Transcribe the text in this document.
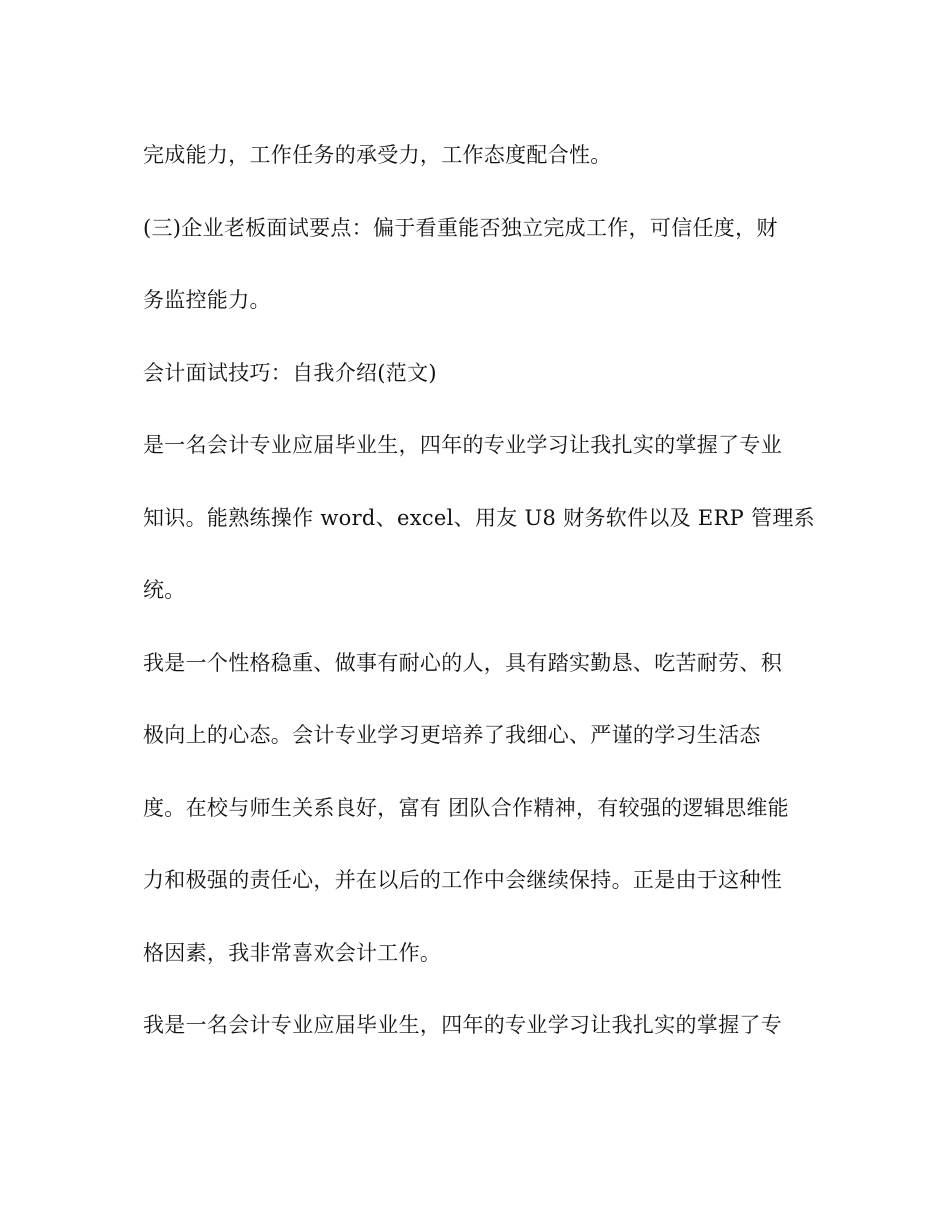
完成能力，工作任务的承受力，工作态度配合性。
(三)企业老板面试要点：偏于看重能否独立完成工作，可信任度，财
务监控能力。
会计面试技巧：自我介绍(范文)
是一名会计专业应届毕业生，四年的专业学习让我扎实的掌握了专业
知识。能熟练操作 word、excel、用友 U8 财务软件以及 ERP 管理系
统。
我是一个性格稳重、做事有耐心的人，具有踏实勤恳、吃苦耐劳、积
极向上的心态。会计专业学习更培养了我细心、严谨的学习生活态
度。在校与师生关系良好，富有 团队合作精神，有较强的逻辑思维能
力和极强的责任心，并在以后的工作中会继续保持。正是由于这种性
格因素，我非常喜欢会计工作。
我是一名会计专业应届毕业生，四年的专业学习让我扎实的掌握了专
